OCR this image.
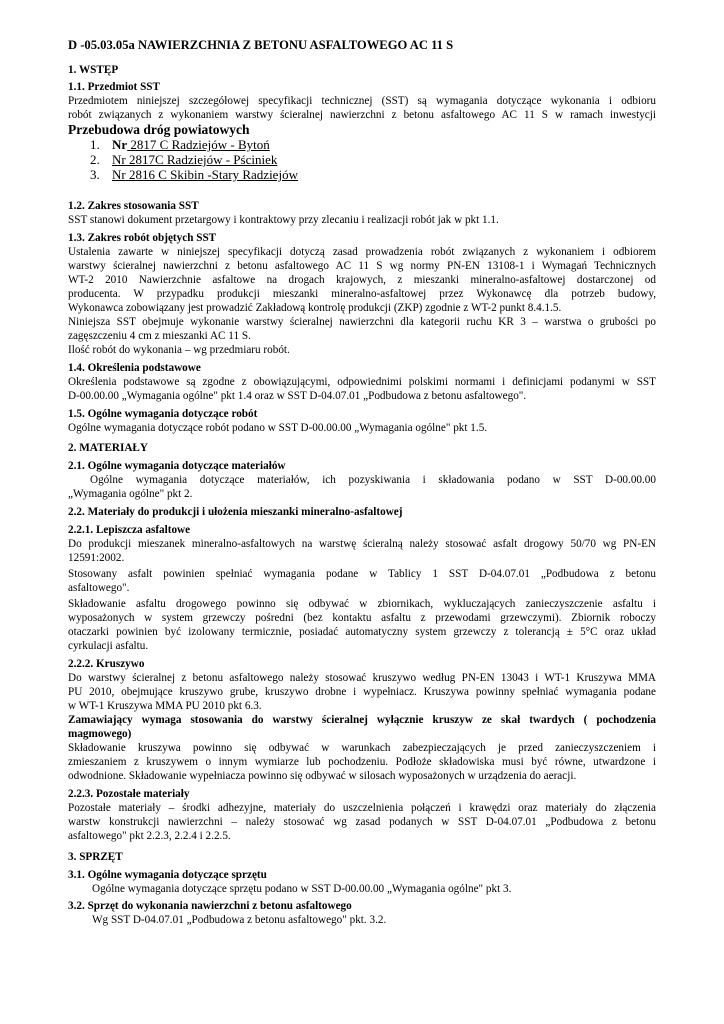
D -05.03.05a NAWIERZCHNIA Z BETONU ASFALTOWEGO AC 11 S
1. WSTĘP
1.1. Przedmiot SST
Przedmiotem niniejszej szczegółowej specyfikacji technicznej (SST) są wymagania dotyczące wykonania i odbioru
robót związanych z wykonaniem warstwy ścieralnej nawierzchni z betonu asfaltowego AC 11 S w ramach inwestycji
Przebudowa dróg powiatowych
1. Nr 2817 C Radziejów - Bytoń
2. Nr 2817C Radziejów - Pściniek
3. Nr 2816 C Skibin -Stary Radziejów
1.2. Zakres stosowania SST
SST stanowi dokument przetargowy i kontraktowy przy zlecaniu i realizacji robót jak w pkt 1.1.
1.3. Zakres robót objętych SST
Ustalenia zawarte w niniejszej specyfikacji dotyczą zasad prowadzenia robót związanych z wykonaniem i odbiorem
warstwy ścieralnej nawierzchni z betonu asfaltowego AC 11 S wg normy PN-EN 13108-1 i Wymagań Technicznych
WT-2 2010 Nawierzchnie asfaltowe na drogach krajowych, z mieszanki mineralno-asfaltowej dostarczonej od
producenta. W przypadku produkcji mieszanki mineralno-asfaltowej przez Wykonawcę dla potrzeb budowy,
Wykonawca zobowiązany jest prowadzić Zakładową kontrolę produkcji (ZKP) zgodnie z WT-2 punkt 8.4.1.5.
Niniejsza SST obejmuje wykonanie warstwy ścieralnej nawierzchni dla kategorii ruchu KR 3 – warstwa o grubości po
zagęszczeniu 4 cm z mieszanki AC 11 S.
Ilość robót do wykonania – wg przedmiaru robót.
1.4. Określenia podstawowe
Określenia podstawowe są zgodne z obowiązującymi, odpowiednimi polskimi normami i definicjami podanymi w SST
D-00.00.00 „Wymagania ogólne" pkt 1.4 oraz w SST D-04.07.01 „Podbudowa z betonu asfaltowego".
1.5. Ogólne wymagania dotyczące robót
Ogólne wymagania dotyczące robót podano w SST D-00.00.00 „Wymagania ogólne" pkt 1.5.
2. MATERIAŁY
2.1. Ogólne wymagania dotyczące materiałów
Ogólne wymagania dotyczące materiałów, ich pozyskiwania i składowania podano w SST D-00.00.00
„Wymagania ogólne" pkt 2.
2.2. Materiały do produkcji i ułożenia mieszanki mineralno-asfaltowej
2.2.1. Lepiszcza asfaltowe
Do produkcji mieszanek mineralno-asfaltowych na warstwę ścieralną należy stosować asfalt drogowy 50/70 wg PN-EN
12591:2002.
Stosowany asfalt powinien spełniać wymagania podane w Tablicy 1 SST D-04.07.01 „Podbudowa z betonu
asfaltowego".
Składowanie asfaltu drogowego powinno się odbywać w zbiornikach, wykluczających zanieczyszczenie asfaltu i
wyposażonych w system grzewczy pośredni (bez kontaktu asfaltu z przewodami grzewczymi). Zbiornik roboczy
otaczarki powinien być izolowany termicznie, posiadać automatyczny system grzewczy z tolerancją ± 5°C oraz układ
cyrkulacji asfaltu.
2.2.2. Kruszywo
Do warstwy ścieralnej z betonu asfaltowego należy stosować kruszywo według PN-EN 13043 i WT-1 Kruszywa MMA
PU 2010, obejmujące kruszywo grube, kruszywo drobne i wypełniacz. Kruszywa powinny spełniać wymagania podane
w WT-1 Kruszywa MMA PU 2010 pkt 6.3.
Zamawiający wymaga stosowania do warstwy ścieralnej wyłącznie kruszyw ze skał twardych ( pochodzenia
magmowego)
Składowanie kruszywa powinno się odbywać w warunkach zabezpieczających je przed zanieczyszczeniem i
zmieszaniem z kruszywem o innym wymiarze lub pochodzeniu. Podłoże składowiska musi być równe, utwardzone i
odwodnione. Składowanie wypełniacza powinno się odbywać w silosach wyposażonych w urządzenia do aeracji.
2.2.3. Pozostałe materiały
Pozostałe materiały – środki adhezyjne, materiały do uszczelnienia połączeń i krawędzi oraz materiały do złączenia
warstw konstrukcji nawierzchni – należy stosować wg zasad podanych w SST D-04.07.01 „Podbudowa z betonu
asfaltowego" pkt 2.2.3, 2.2.4 i 2.2.5.
3. SPRZĘT
3.1. Ogólne wymagania dotyczące sprzętu
Ogólne wymagania dotyczące sprzętu podano w SST D-00.00.00 „Wymagania ogólne" pkt 3.
3.2. Sprzęt do wykonania nawierzchni z betonu asfaltowego
Wg SST D-04.07.01 „Podbudowa z betonu asfaltowego" pkt. 3.2.
